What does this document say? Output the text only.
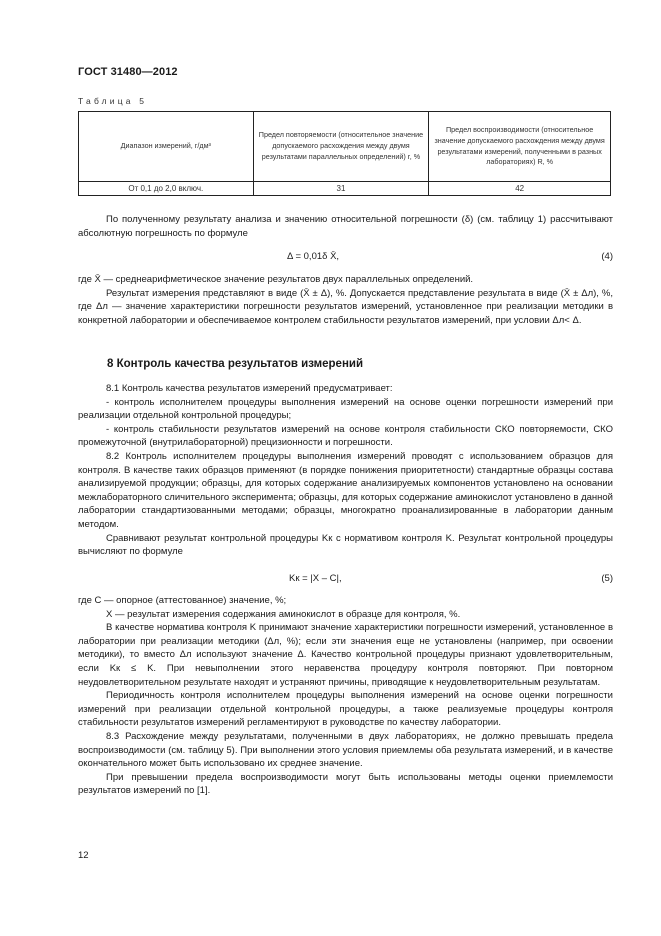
ГОСТ 31480—2012
Таблица 5
Диапазон измерений, г/дм³	Предел повторяемости (относительное значение допускаемого расхождения между двумя результатами параллельных определений) r, %	Предел воспроизводимости (относительное значение допускаемого расхождения между двумя результатами измерений, полученными в разных лабораториях) R, %
От 0,1 до 2,0 включ.	31	42

По полученному результату анализа и значению относительной погрешности (δ) (см. таблицу 1) рассчитывают абсолютную погрешность по формуле

Δ = 0,01δ X̄,	(4)

где X̄ — среднеарифметическое значение результатов двух параллельных определений.

Результат измерения представляют в виде (X̄ ± Δ), %. Допускается представление результата в виде (X̄ ± Δл), %, где Δл — значение характеристики погрешности результатов измерений, установленное при реализации методики в конкретной лаборатории и обеспечиваемое контролем стабильности результатов измерений, при условии Δл< Δ.

8 Контроль качества результатов измерений

8.1 Контроль качества результатов измерений предусматривает:

- контроль исполнителем процедуры выполнения измерений на основе оценки погрешности измерений при реализации отдельной контрольной процедуры;

- контроль стабильности результатов измерений на основе контроля стабильности СКО повторяемости, СКО промежуточной (внутрилабораторной) прецизионности и погрешности.

8.2 Контроль исполнителем процедуры выполнения измерений проводят с использованием образцов для контроля. В качестве таких образцов применяют (в порядке понижения приоритетности) стандартные образцы состава анализируемой продукции; образцы, для которых содержание анализируемых компонентов установлено на основании межлабораторного сличительного эксперимента; образцы, для которых содержание аминокислот установлено в данной лаборатории стандартизованными методами; образцы, многократно проанализированные в лаборатории данным методом.

Сравнивают результат контрольной процедуры Kк с нормативом контроля K. Результат контрольной процедуры вычисляют по формуле

Kк = |X – C|,	(5)

где C — опорное (аттестованное) значение, %;

X — результат измерения содержания аминокислот в образце для контроля, %.

В качестве норматива контроля K принимают значение характеристики погрешности измерений, установленное в лаборатории при реализации методики (Δл, %); если эти значения еще не установлены (например, при освоении методики), то вместо Δл используют значение Δ. Качество контрольной процедуры признают удовлетворительным, если Kк ≤ K. При невыполнении этого неравенства процедуру контроля повторяют. При повторном неудовлетворительном результате находят и устраняют причины, приводящие к неудовлетворительным результатам.

Периодичность контроля исполнителем процедуры выполнения измерений на основе оценки погрешности измерений при реализации отдельной контрольной процедуры, а также реализуемые процедуры контроля стабильности результатов измерений регламентируют в руководстве по качеству лаборатории.

8.3 Расхождение между результатами, полученными в двух лабораториях, не должно превышать предела воспроизводимости (см. таблицу 5). При выполнении этого условия приемлемы оба результата измерений, и в качестве окончательного может быть использовано их среднее значение.

При превышении предела воспроизводимости могут быть использованы методы оценки приемлемости результатов измерений по [1].

12
